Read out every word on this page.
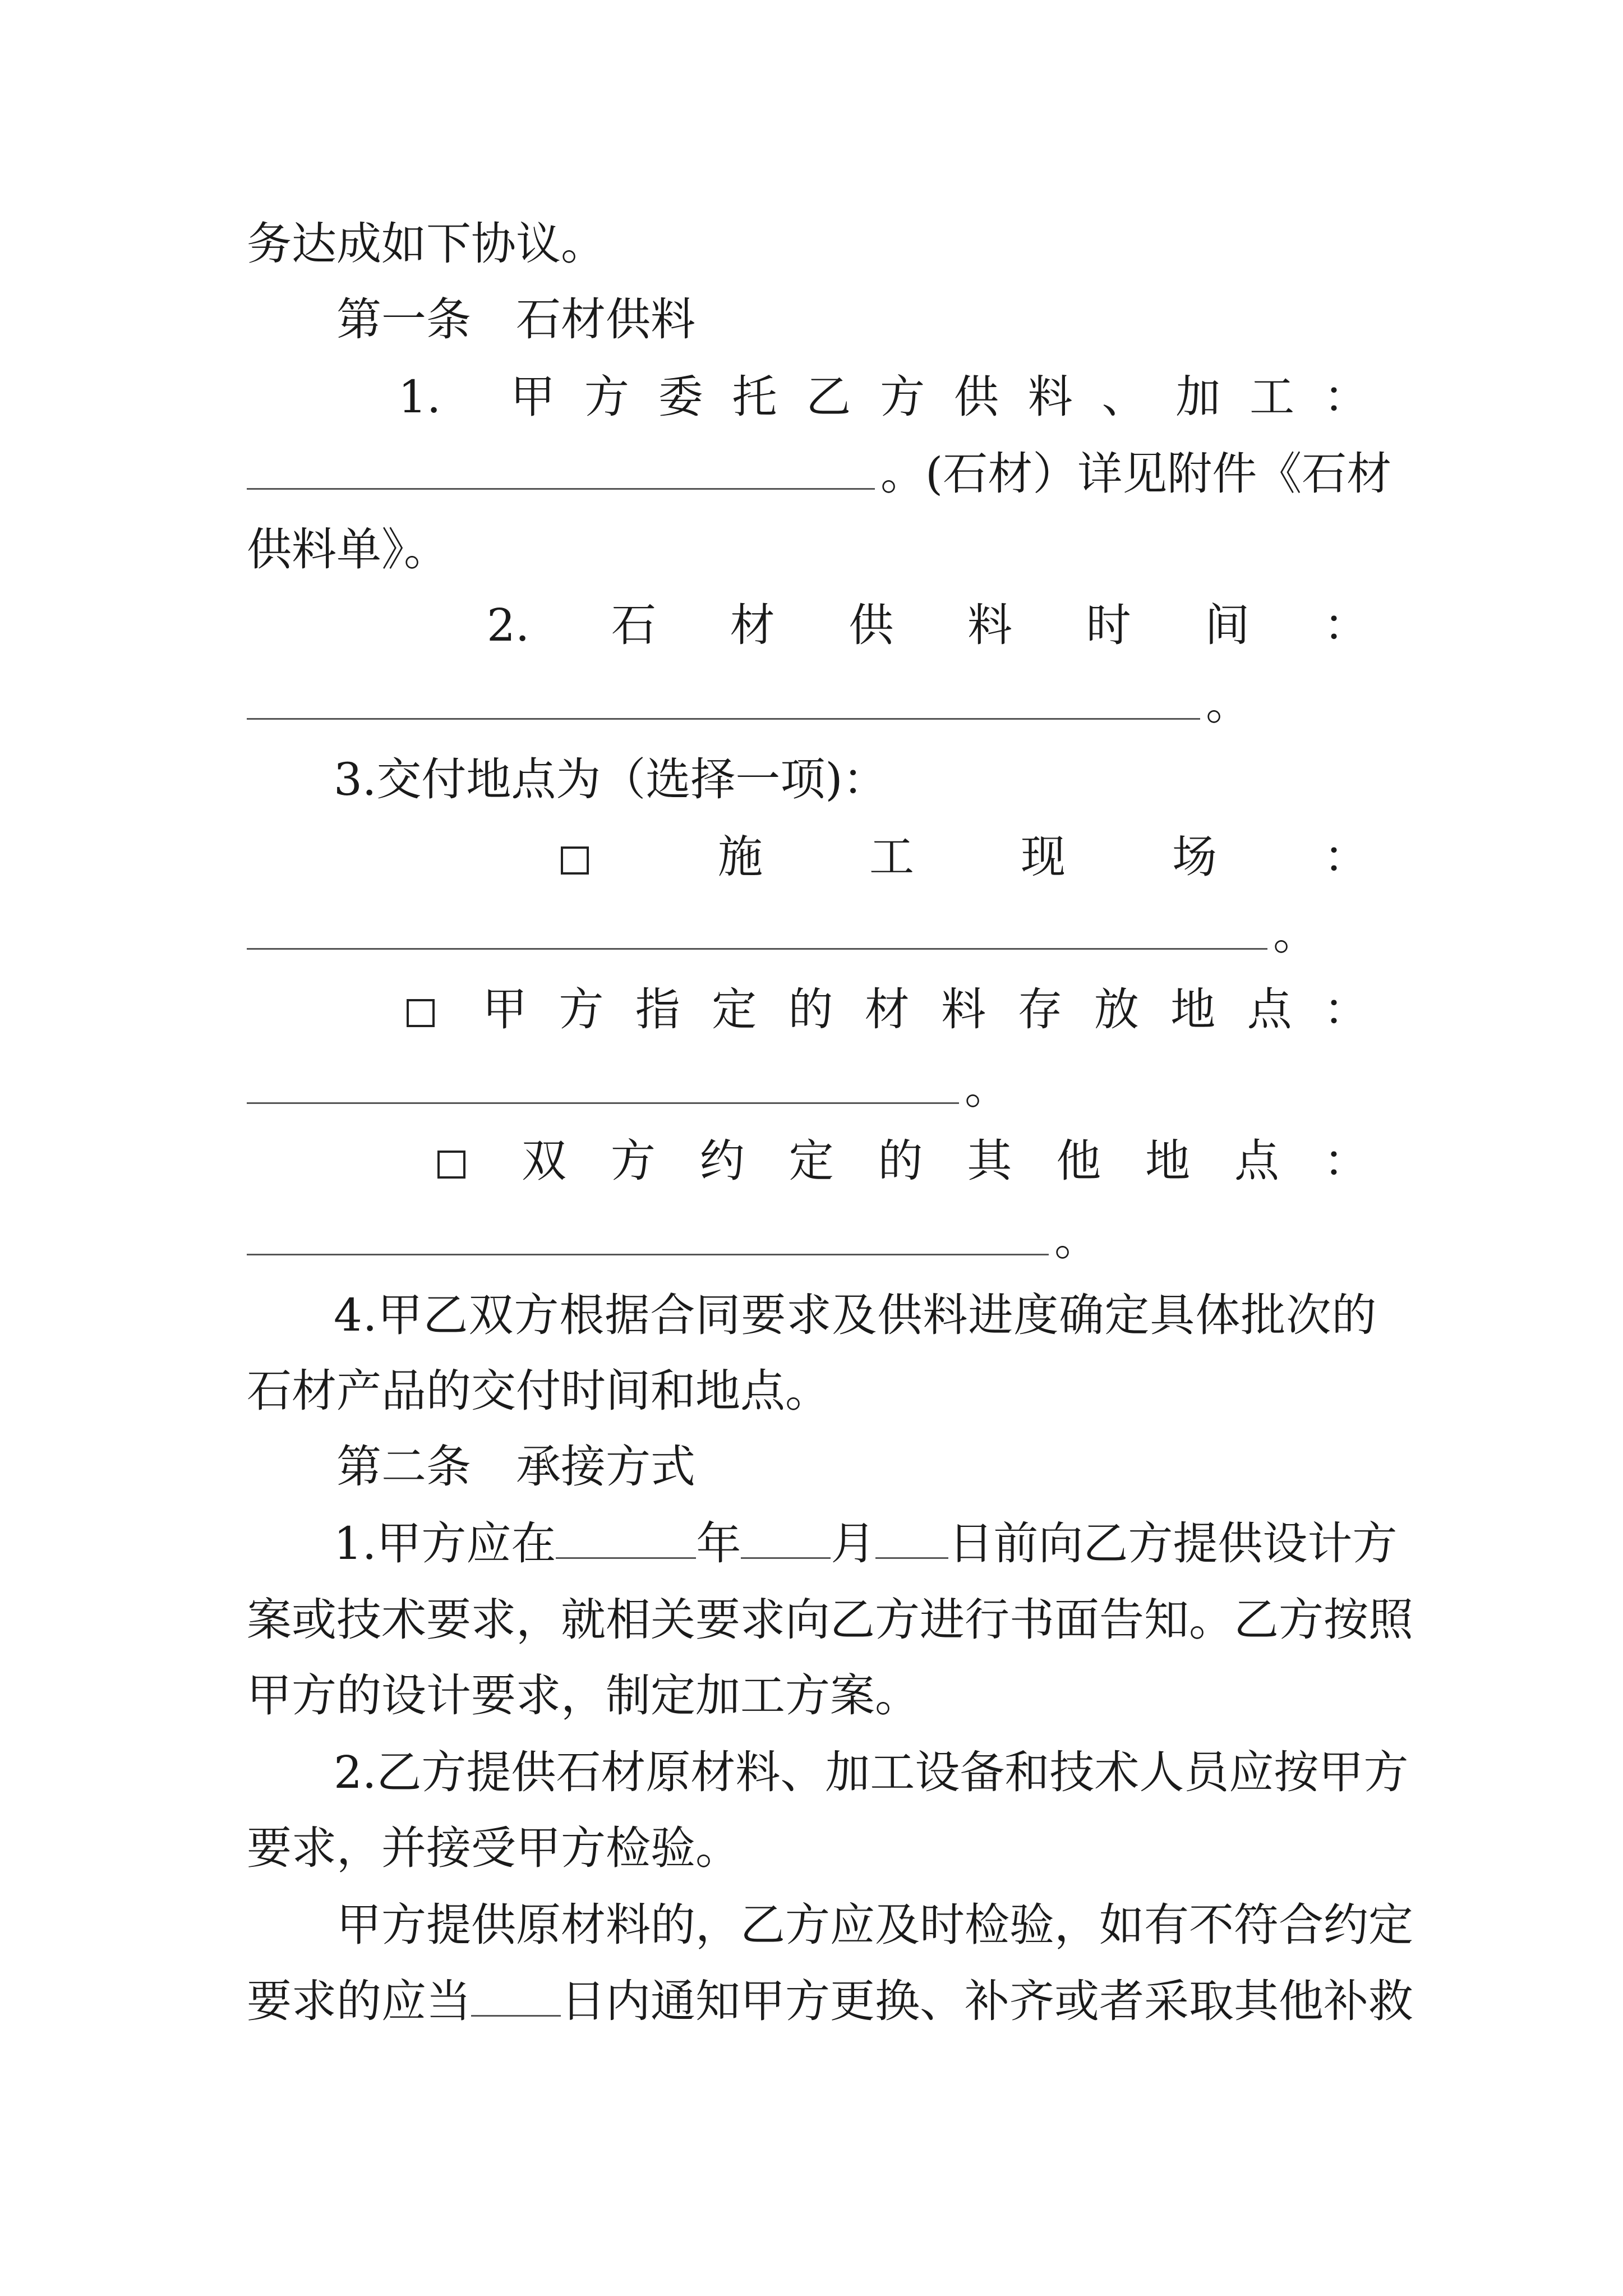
务达成如下协议。
第一条　石材供料
1. 甲 方 委 托 乙 方 供 料 、 加 工 ：
。(石材）详见附件《石材
供料单》。
2. 石 材 供 料 时 间 ：
。
3.交付地点为（选择一项)：
施 工 现 场 ：
。
甲 方 指 定 的 材 料 存 放 地 点 ：
。
双 方 约 定 的 其 他 地 点 ：
。
4.甲乙双方根据合同要求及供料进度确定具体批次的
石材产品的交付时间和地点。
第二条　承接方式
1.甲方应在	年 月 日前向乙方提供设计方
案或技术要求，就相关要求向乙方进行书面告知。乙方按照
甲方的设计要求，制定加工方案。
2.乙方提供石材原材料、加工设备和技术人员应按甲方
要求，并接受甲方检验。
甲方提供原材料的，乙方应及时检验，如有不符合约定
要求的应当 日内通知甲方更换、补齐或者采取其他补救
